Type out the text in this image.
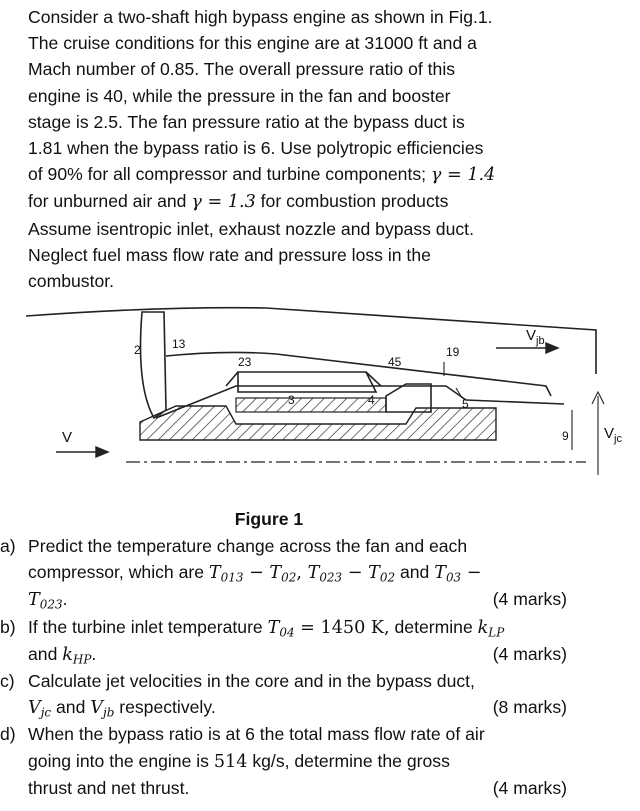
Consider a two-shaft high bypass engine as shown in Fig.1.
The cruise conditions for this engine are at 31000 ft and a
Mach number of 0.85. The overall pressure ratio of this
engine is 40, while the pressure in the fan and booster
stage is 2.5. The fan pressure ratio at the bypass duct is
1.81 when the bypass ratio is 6. Use polytropic efficiencies
of 90% for all compressor and turbine components; γ = 1.4
for unburned air and γ = 1.3 for combustion products
Assume isentropic inlet, exhaust nozzle and bypass duct.
Neglect fuel mass flow rate and pressure loss in the
combustor.
2	13
23
3	4
45
19
5
9
V
$V_{jb}$
$V_{jc}$
Figure 1
a) Predict the temperature change across the fan and each
compressor, which are $T_{013} - T_{02}$, $T_{023} - T_{02}$ and $T_{03}$ −
$T_{023}$.	(4 marks)
b) If the turbine inlet temperature $T_{04} = 1450$ K, determine $k_{LP}$
and $k_{HP}$.	(4 marks)
c) Calculate jet velocities in the core and in the bypass duct,
$V_{jc}$ and $V_{jb}$ respectively.	(8 marks)
d) When the bypass ratio is at 6 the total mass flow rate of air
going into the engine is 514 kg/s, determine the gross
thrust and net thrust.	(4 marks)
